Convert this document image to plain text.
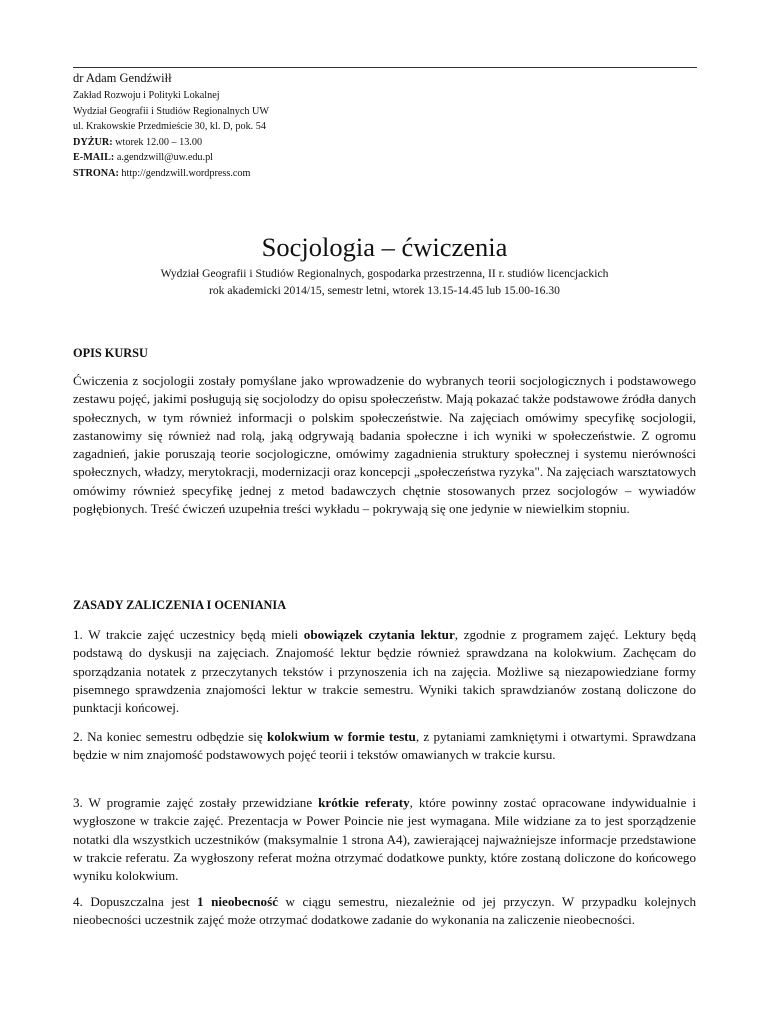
dr Adam Gendźwiłł

Zakład Rozwoju i Polityki Lokalnej

Wydział Geografii i Studiów Regionalnych UW

ul. Krakowskie Przedmieście 30, kl. D, pok. 54

DYŻUR: wtorek 12.00 – 13.00

E-MAIL: a.gendzwill@uw.edu.pl

STRONA: http://gendzwill.wordpress.com

Socjologia – ćwiczenia

Wydział Geografii i Studiów Regionalnych, gospodarka przestrzenna, II r. studiów licencjackich

rok akademicki 2014/15, semestr letni, wtorek 13.15-14.45 lub 15.00-16.30

OPIS KURSU

Ćwiczenia z socjologii zostały pomyślane jako wprowadzenie do wybranych teorii socjologicznych i podstawowego zestawu pojęć, jakimi posługują się socjolodzy do opisu społeczeństw. Mają pokazać także podstawowe źródła danych społecznych, w tym również informacji o polskim społeczeństwie. Na zajęciach omówimy specyfikę socjologii, zastanowimy się również nad rolą, jaką odgrywają badania społeczne i ich wyniki w społeczeństwie. Z ogromu zagadnień, jakie poruszają teorie socjologiczne, omówimy zagadnienia struktury społecznej i systemu nierówności społecznych, władzy, merytokracji, modernizacji oraz koncepcji „społeczeństwa ryzyka". Na zajęciach warsztatowych omówimy również specyfikę jednej z metod badawczych chętnie stosowanych przez socjologów – wywiadów pogłębionych. Treść ćwiczeń uzupełnia treści wykładu – pokrywają się one jedynie w niewielkim stopniu.

ZASADY ZALICZENIA I OCENIANIA

1. W trakcie zajęć uczestnicy będą mieli obowiązek czytania lektur, zgodnie z programem zajęć. Lektury będą podstawą do dyskusji na zajęciach. Znajomość lektur będzie również sprawdzana na kolokwium. Zachęcam do sporządzania notatek z przeczytanych tekstów i przynoszenia ich na zajęcia. Możliwe są niezapowiedziane formy pisemnego sprawdzenia znajomości lektur w trakcie semestru. Wyniki takich sprawdzianów zostaną doliczone do punktacji końcowej.

2. Na koniec semestru odbędzie się kolokwium w formie testu, z pytaniami zamkniętymi i otwartymi. Sprawdzana będzie w nim znajomość podstawowych pojęć teorii i tekstów omawianych w trakcie kursu.

3. W programie zajęć zostały przewidziane krótkie referaty, które powinny zostać opracowane indywidualnie i wygłoszone w trakcie zajęć. Prezentacja w Power Poincie nie jest wymagana. Mile widziane za to jest sporządzenie notatki dla wszystkich uczestników (maksymalnie 1 strona A4), zawierającej najważniejsze informacje przedstawione w trakcie referatu. Za wygłoszony referat można otrzymać dodatkowe punkty, które zostaną doliczone do końcowego wyniku kolokwium.

4. Dopuszczalna jest 1 nieobecność w ciągu semestru, niezależnie od jej przyczyn. W przypadku kolejnych nieobecności uczestnik zajęć może otrzymać dodatkowe zadanie do wykonania na zaliczenie nieobecności.
